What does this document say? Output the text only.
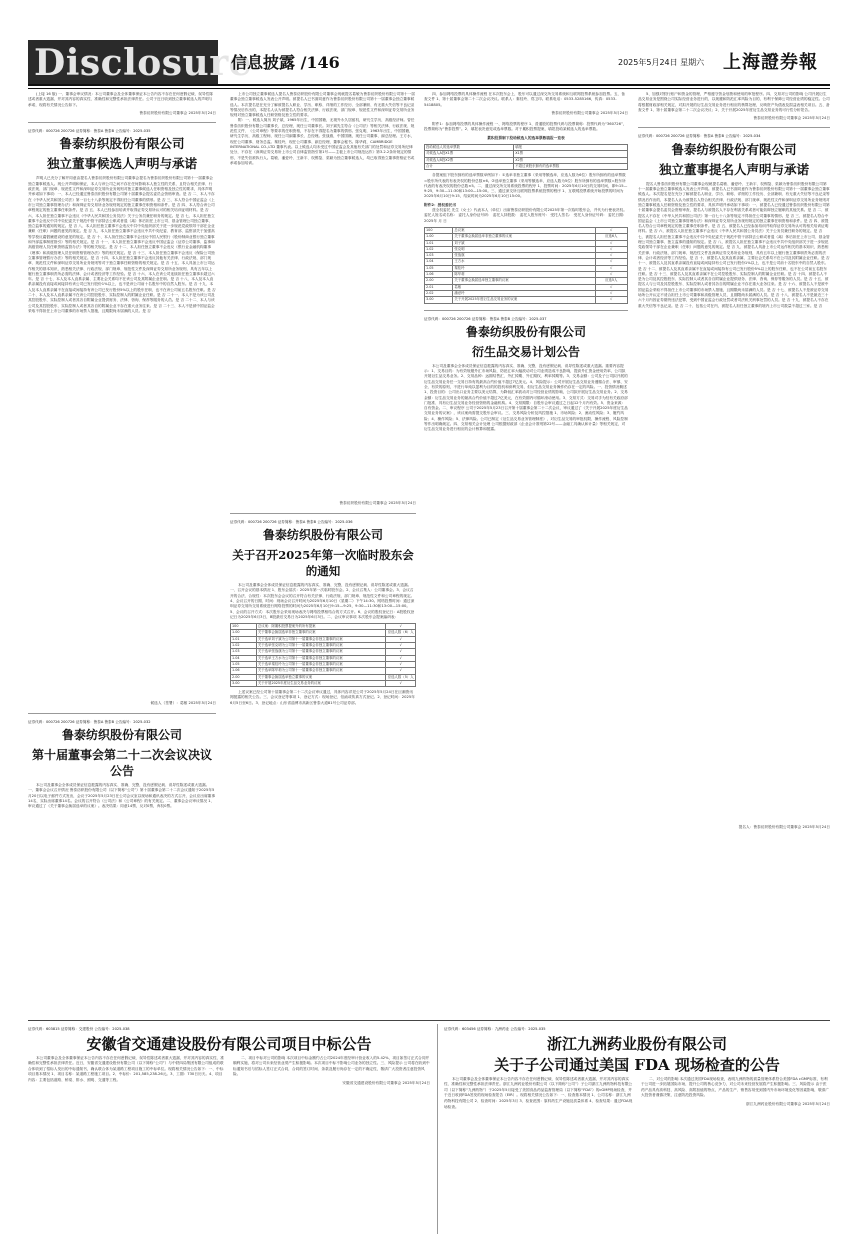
Disclosure
信息披露 /146	2025年5月24日 星期六 上海證券報
(上接 16 版) 一、董事会审议情况：本公司董事会及全体董事保证本公告内容不存在任何虚假记载、误导性陈述或者重大遗漏，并对其内容的真实性、准确性和完整性承担法律责任。公司于近日收到独立董事候选人的声明与承诺，现将有关情况公告如下。
鲁泰纺织股份有限公司董事会 2025年5月24日
证券代码：000726 200726 证券简称：鲁泰A 鲁泰B 公告编号：2025-035
鲁泰纺织股份有限公司
独立董事候选人声明与承诺
声明人已充分了解并同意由提名人鲁泰纺织股份有限公司董事会提名为鲁泰纺织股份有限公司第十一届董事会独立董事候选人。现公开声明和保证，本人与该公司之间不存在任何影响本人独立性的关系，且符合相关法律、行政法规、部门规章、规范性文件和深圳证券交易所业务规则对独立董事候选人任职资格及独立性的要求，具体声明并承诺如下事项：一、本人已经通过鲁泰纺织股份有限公司第十届董事会提名委员会资格审查。是 否 二、本人不存在《中华人民共和国公司法》第一百七十八条等规定不得担任公司董事的情形。是 否 三、本人符合中国证监会《上市公司独立董事管理办法》和深圳证券交易所业务规则规定的独立董事任职资格和条件。是 否 四、本人符合该公司章程规定的独立董事任职条件。是 否 五、本人已经参加培训并取得证券交易所认可的相关培训证明材料。是 否 六、本人担任独立董事不会违反《中华人民共和国公务员法》关于公务员兼任职务的规定。是 否 七、本人担任独立董事不会违反中共中央纪委关于规范中管干部辞去公职或者退（离）休后担任上市公司、基金管理公司独立董事、独立监事的通知的规定。是 否 八、本人担任独立董事不会违反中共中央组织部关于进一步规范党政领导干部在企业兼职（任职）问题的意见的规定。是 否 九、本人担任独立董事不会违反中共中央纪委、教育部、监察部关于加强高等学校反腐倡廉建设的意见的规定。是 否 十、本人担任独立董事不会违反中国人民银行《股份制商业银行独立董事和外部监事制度指引》等的相关规定。是 否 十一、本人担任独立董事不会违反中国证监会《证券公司董事、监事和高级管理人员任职资格监管办法》等的相关规定。是 否 十二、本人担任独立董事不会违反《银行业金融机构董事（理事）和高级管理人员任职资格管理办法》等的相关规定。是 否 十三、本人担任独立董事不会违反《保险公司独立董事管理暂行办法》等的相关规定。是 否 十四、本人担任独立董事不会违反其他有关法律、行政法规、部门规章、规范性文件和深圳证券交易所业务规则等对于独立董事任职资格的相关规定。是 否 十五、本人具备上市公司运作相关的基本知识，熟悉相关法律、行政法规、部门规章、规范性文件及深圳证券交易所业务规则，具有五年以上履行独立董事职责所必需的法律、会计或者经济等工作经验。是 否 十六、本人在该公司连续担任独立董事未超过六年。是 否 十七、本人及本人直系亲属、主要社会关系均不在该公司及其附属企业任职。是 否 十八、本人及本人直系亲属没有直接或间接持有该公司已发行股份1%以上，也不是该公司前十名股东中的自然人股东。是 否 十九、本人及本人直系亲属不在直接或间接持有该公司已发行股份5%以上的股东任职，也不在该公司前五名股东任职。是 否 二十、本人及本人直系亲属不在该公司控股股东、实际控制人的附属企业任职。是 否 二十一、本人不是为该公司及其控股股东、实际控制人或者其各自附属企业提供财务、法律、咨询、保荐等服务的人员。是 否 二十二、本人与该公司及其控股股东、实际控制人或者其各自的附属企业不存在重大业务往来。是 否 二十三、本人不是被中国证监会采取不得担任上市公司董事的市场禁入措施，且期限尚未届满的人员。是 否
候选人（签署）：葛敏 2025年5月24日
证券代码：000726 200726 证券简称：鲁泰A 鲁泰B 公告编号：2025-032
鲁泰纺织股份有限公司
第十届董事会第二十二次会议决议公告
本公司及董事会全体成员保证信息披露的内容真实、准确、完整，没有虚假记载、误导性陈述或重大遗漏。一、董事会会议召开情况 鲁泰纺织股份有限公司（以下简称“公司”）第十届董事会第二十二次会议通知于2025年5月20日以电子邮件方式发出，会议于2025年5月23日在公司会议室以现场和通讯表决的方式召开，会议应出席董事14名，实际出席董事14名。会议的召开符合《公司法》和《公司章程》的有关规定。二、董事会会议审议情况 1、审议通过了《关于董事会换届选举的议案》。表决结果：同意14票，反对0票，弃权0票。
上市公司独立董事候选人提名人鲁泰纺织股份有限公司董事会现就提名葛敏为鲁泰纺织股份有限公司第十一届董事会独立董事候选人发表公开声明。被提名人已书面同意作为鲁泰纺织股份有限公司第十一届董事会独立董事候选人。本次提名是在充分了解被提名人职业、学历、职称、详细的工作经历、全部兼职、有无重大失信等不良记录等情况后作出的，本提名人认为被提名人符合相关法律、行政法规、部门规章、规范性文件和深圳证券交易所业务规则对独立董事候选人任职资格及独立性的要求。
附：一、候选人简历 刘子斌，1965年出生，中国国籍，无境外永久居留权，研究生学历，高级经济师。曾任鲁泰纺织股份有限公司董事长、总经理，现任公司董事长。刘子斌先生符合《公司法》等相关法律、行政法规、规范性文件、《公司章程》等要求的任职资格，不存在不得提名为董事的情形。张克明，1963年出生，中国国籍，研究生学历，高级工程师，现任公司副董事长、总经理。张战旗，中国国籍，现任公司董事、副总经理。王方水，现任公司董事、财务总监。秦桂玲，现任公司董事、副总经理、董事会秘书。陈华莉，CAMBRIDGE INTERNATIONAL CO.,LTD 董事代表。以上候选人均未受过中国证监会及其他有关部门的处罚和证券交易所纪律处分，不存在《深圳证券交易所上市公司自律监管指引第1号——主板上市公司规范运作》第3.2.2条所规定的情形，不是失信被执行人。葛敏、潘爱玲、王新宇、权锡鉴、渠颖为独立董事候选人，均已取得独立董事资格证书或承诺参加培训。
鲁泰纺织股份有限公司董事会 2025年5月24日
证券代码：000726 200726 证券简称：鲁泰A 鲁泰B 公告编号：2025-036
鲁泰纺织股份有限公司
关于召开2025年第一次临时股东会的通知
本公司及董事会全体成员保证信息披露的内容真实、准确、完整，没有虚假记载、误导性陈述或重大遗漏。一、召开会议的基本情况 1、股东会届次：2025年第一次临时股东会。2、会议召集人：公司董事会。3、会议召开的合法、合规性：本次股东会会议的召开符合有关法律、行政法规、部门规章、规范性文件和公司章程的规定。4、会议召开的日期、时间：现场会议召开时间为2025年6月10日（星期二）下午14:30。网络投票时间：通过深圳证券交易所交易系统进行网络投票的时间为2025年6月10日9:15—9:25，9:30—11:30和13:00—15:00。5、会议的召开方式：本次股东会采用现场表决与网络投票相结合的方式召开。6、会议的股权登记日：A股股权登记日为2025年6月3日，B股最后交易日为2025年6月3日。二、会议审议事项 本次股东会提案编码表：
100	总议案：除累积投票提案外的所有提案	√
1.00	关于董事会换届选举非独立董事的议案	应选人数（6）人
1.01	关于选举刘子斌为公司第十一届董事会非独立董事的议案	√
1.02	关于选举张克明为公司第十一届董事会非独立董事的议案	√
1.03	关于选举张战旗为公司第十一届董事会非独立董事的议案	√
1.04	关于选举王方水为公司第十一届董事会非独立董事的议案	√
1.05	关于选举秦桂玲为公司第十一届董事会非独立董事的议案	√
1.06	关于选举陈华莉为公司第十一届董事会非独立董事的议案	√
2.00	关于董事会换届选举独立董事的议案	应选人数（5）人
3.00	关于开展2025年度衍生品交易业务的议案	√
上述议案已经公司第十届董事会第二十二次会议审议通过，具体内容详见公司于2025年5月24日在巨潮资讯网披露的相关公告。三、会议登记等事项 1、登记方式：现场登记、信函或传真方式登记。2、登记时间：2025年6月5日至6日。3、登记地点：山东省淄博市高新区鲁泰大道81号公司证券部。
四、参加网络投票的具体操作流程 在本次股东会上，股东可以通过深交所交易系统和互联网投票系统参加投票。五、备查文件 1、第十届董事会第二十二次会议决议。联系人：秦桂玲、郑卫印。联系电话：0533-5285166，传真：0533-5418805。
鲁泰纺织股份有限公司董事会 2025年5月24日
附件1：参加网络投票的具体操作流程 一、网络投票的程序 1、普通股的投票代码与投票简称：投票代码为“360726”，投票简称为“鲁泰投票”。2、填报表决意见或选举票数。对于累积投票提案，填报投给某候选人的选举票数。
累积投票制下投给候选人的选举票数填报一览表
投给候选人的选举票数	填报
对候选人A投X1票	X1票
对候选人B投X2票	X2票
合计	不超过该股东拥有的选举票数
各提案组下股东拥有的选举票数举例如下：①选举非独立董事（采用等额选举，应选人数为6位）股东所拥有的选举票数=股东所代表的有表决权的股份总数×6。②选举独立董事（采用等额选举，应选人数为5位）股东所拥有的选举票数=股东所代表的有表决权的股份总数×5。二、通过深交所交易系统投票的程序 1、投票时间：2025年6月10日的交易时间，即9:15—9:25，9:30—11:30和13:00—15:00。三、通过深交所互联网投票系统投票的程序 1、互联网投票系统开始投票的时间为2025年6月10日9:15，结束时间为2025年6月10日15:00。
附件2：授权委托书
兹全权委托 先生（女士）代表本人（单位）出席鲁泰纺织股份有限公司2025年第一次临时股东会，并代为行使表决权。委托人姓名或名称： 委托人身份证号码： 委托人持股数： 委托人股东账号： 受托人签名： 受托人身份证号码： 委托日期：2025年 月 日
100	总议案	√
1.00	关于董事会换届选举非独立董事的议案	应选6人
1.01	刘子斌	√
1.02	张克明	√
1.03	张战旗	√
1.04	王方水	√
1.05	秦桂玲	√
1.06	陈华莉	√
2.00	关于董事会换届选举独立董事的议案	应选5人
2.01	葛敏	√
2.02	潘爱玲	√
3.00	关于开展2025年度衍生品交易业务的议案	√
证券代码：000726 200726 证券简称：鲁泰A 鲁泰B 公告编号：2025-037
鲁泰纺织股份有限公司
衍生品交易计划公告
本公司及董事会全体成员保证信息披露的内容真实、准确、完整，没有虚假记载、误导性陈述或重大遗漏。重要内容提示：1、交易目的：为有效规避外汇市场风险，防范汇率大幅波动对公司业绩造成不良影响，提高外汇资金使用效率，公司拟开展衍生品交易业务。2、交易品种：远期结售汇、外汇掉期、外汇期权、利率掉期等。3、交易金额：公司及子公司拟开展的衍生品交易业务任一交易日持有的最高合约价值不超过7亿美元。4、风险提示：公司开展衍生品交易业务遵循合法、审慎、安全、有效的原则，不进行单纯以盈利为目的的投机和套利交易，但衍生品交易业务操作仍存在一定的风险。一、投资情况概述 1、投资目的：公司出口业务主要以美元结算，为降低汇率波动对公司经营业绩的影响，公司拟开展衍生品交易业务。2、交易金额：衍生品交易业务的最高合约价值不超过7亿美元，在有效期内可循环滚动使用。3、交易方式：交易对手为经有关政府部门批准、具有衍生品交易业务经营资格的金融机构。4、交易期限：自股东会审议通过之日起12个月内有效。5、资金来源：自有资金。二、审议程序 公司于2025年5月23日召开第十届董事会第二十二次会议，审议通过了《关于开展2025年度衍生品交易业务的议案》，该议案尚需提交股东会审议。三、交易风险分析及风控措施 1、市场风险；2、流动性风险；3、履约风险；4、操作风险；5、法律风险。公司已制定《衍生品交易业务管理制度》，对衍生品交易的审批权限、操作流程、风险控制等作出明确规定。四、交易相关会计处理 公司根据财政部《企业会计准则第22号——金融工具确认和计量》等相关规定，对衍生品交易业务进行相应的会计核算和披露。
5、加强对银行账户和资金的管理，严格遵守资金划拨和使用的审批程序。四、交易对公司的影响 公司开展衍生品交易业务是围绕公司实际经营业务进行的，以规避和防范汇率风险为目的，有利于保障公司经营业绩的稳定性。公司将根据财政部相关规定，对拟开展的衍生品交易业务进行相应的核算处理，反映资产负债表及损益表相关项目。五、备查文件 1、第十届董事会第二十二次会议决议；2、关于开展2025年度衍生品交易业务的可行性分析报告。
鲁泰纺织股份有限公司董事会 2025年5月24日
证券代码：000726 200726 证券简称：鲁泰A 鲁泰B 公告编号：2025-034
鲁泰纺织股份有限公司
独立董事提名人声明与承诺
提名人鲁泰纺织股份有限公司董事会现就提名葛敏、潘爱玲、王新宇、权锡鉴、渠颖为鲁泰纺织股份有限公司第十一届董事会独立董事候选人发表公开声明。被提名人已书面同意作为鲁泰纺织股份有限公司第十一届董事会独立董事候选人。本次提名是在充分了解被提名人职业、学历、职称、详细的工作经历、全部兼职、有无重大失信等不良记录等情况后作出的，本提名人认为被提名人符合相关法律、行政法规、部门规章、规范性文件和深圳证券交易所业务规则对独立董事候选人任职资格及独立性的要求，具体声明并承诺如下事项：一、被提名人已经通过鲁泰纺织股份有限公司第十届董事会提名委员会资格审查，提名人与被提名人不存在利害关系或者可能妨碍独立履职的其他关系。是 否 二、被提名人不存在《中华人民共和国公司法》第一百七十八条等规定不得担任公司董事的情形。是 否 三、被提名人符合中国证监会《上市公司独立董事管理办法》和深圳证券交易所业务规则规定的独立董事任职资格和条件。是 否 四、被提名人符合公司章程规定的独立董事任职条件。是 否 五、被提名人已经参加培训并取得证券交易所认可的相关培训证明材料。是 否 六、被提名人担任独立董事不会违反《中华人民共和国公务员法》关于公务员兼任职务的规定。是 否 七、被提名人担任独立董事不会违反中共中央纪委关于规范中管干部辞去公职或者退（离）休后担任上市公司、基金管理公司独立董事、独立监事的通知的规定。是 否 八、被提名人担任独立董事不会违反中共中央组织部关于进一步规范党政领导干部在企业兼职（任职）问题的意见的规定。是 否 九、被提名人具备上市公司运作相关的基本知识，熟悉相关法律、行政法规、部门规章、规范性文件及深圳证券交易所业务规则，具有五年以上履行独立董事职责所必需的法律、会计或者经济等工作经验。是 否 十、被提名人及其直系亲属、主要社会关系均不在公司及其附属企业任职。是 否 十一、被提名人及其直系亲属没有直接或间接持有公司已发行股份1%以上，也不是公司前十名股东中的自然人股东。是 否 十二、被提名人及其直系亲属不在直接或间接持有公司已发行股份5%以上的股东任职，也不在公司前五名股东任职。是 否 十三、被提名人及其直系亲属不在公司控股股东、实际控制人的附属企业任职。是 否 十四、被提名人不是为公司及其控股股东、实际控制人或者其各自附属企业提供财务、法律、咨询、保荐等服务的人员。是 否 十五、被提名人与公司及其控股股东、实际控制人或者其各自的附属企业不存在重大业务往来。是 否 十六、被提名人不是被中国证监会采取不得担任上市公司董事的市场禁入措施，且期限尚未届满的人员。是 否 十七、被提名人不是被证券交易场所公开认定不适合担任上市公司董事和高级管理人员，且期限尚未届满的人员。是 否 十八、被提名人不是最近三十六个月内因证券期货违法犯罪，受到中国证监会行政处罚或者司法机关刑事处罚的人员。是 否 十九、被提名人不存在重大失信等不良记录。是 否 二十、包括公司在内，被提名人担任独立董事的境内上市公司数量不超过三家。是 否
提名人：鲁泰纺织股份有限公司董事会 2025年5月24日
证券代码：603815 证券简称：交建股份 公告编号：2025-038
安徽省交通建设股份有限公司项目中标公告
本公司董事会及全体董事保证本公告内容不存在任何虚假记载、误导性陈述或者重大遗漏，并对其内容的真实性、准确性和完整性承担法律责任。近日，安徽省交通建设股份有限公司（以下简称“公司”）与中铁四局集团有限公司组成的联合体收到了招标人发出的中标通知书，确认联合体为某道路工程项目施工的中标单位。现将相关情况公告如下：一、中标项目基本情况 1、项目名称：某道路工程施工项目。2、中标价：201,585,238.26元。3、工期：730日历天。4、项目内容：主要包括道路、桥梁、排水、照明、交通等工程。
二、项目中标对公司的影响 本次项目中标金额约占公司2024年度经审计营业收入的5.42%，项目如签订正式合同并顺利实施，将对公司未来经营业绩产生积极影响。本次项目中标不影响公司业务的独立性。三、风险提示 公司将在收到中标通知书后与招标人签订正式合同，合同的签订时间、条款及履行尚存在一定的不确定性，敬请广大投资者注意投资风险。
安徽省交通建设股份有限公司董事会 2025年5月24日
证券代码：603456 证券简称：九洲药业 公告编号：2025-035
浙江九洲药业股份有限公司
关于子公司通过美国 FDA 现场检查的公告
本公司董事会及全体董事保证本公告内容不存在任何虚假记载、误导性陈述或者重大遗漏，并对其内容的真实性、准确性和完整性承担法律责任。浙江九洲药业股份有限公司（以下简称“公司”）子公司浙江九洲药物科技有限公司（以下简称“九洲药物”）于2025年5月接受了美国食品药品监督管理局（以下简称“FDA”）的cGMP现场检查，并于近日收到FDA签发的现场检查报告（EIR）。现将相关情况公告如下：一、检查基本情况 1、公司名称：浙江九洲药物科技有限公司 2、检查时间：2025年3月 3、检查范围：原料药生产设施及质量体系 4、检查结果：通过FDA现场检查。
二、对公司的影响 本次通过美国FDA现场检查，表明九洲药物的质量管理体系符合美国FDA cGMP标准，有利于公司进一步拓展国际市场，提升公司的核心竞争力，对公司未来经营发展将产生积极影响。三、风险提示 由于医药产品具有高科技、高风险、高附加值的特点，产品的生产、销售容易受到国内外市场环境变化等因素影响，敬请广大投资者谨慎决策，注意防范投资风险。
浙江九洲药业股份有限公司董事会 2025年5月24日
